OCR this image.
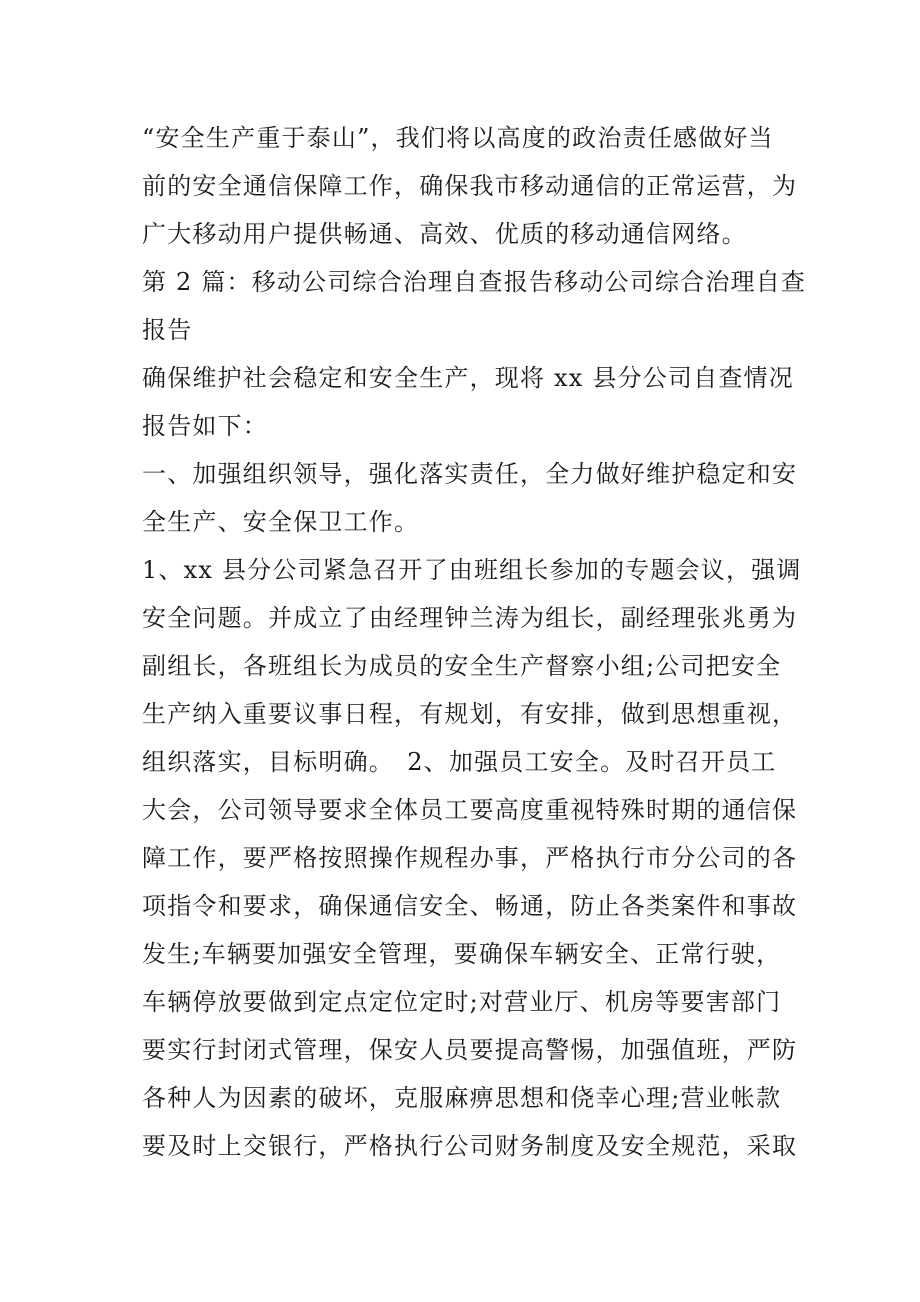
“安全生产重于泰山”，我们将以高度的政治责任感做好当
前的安全通信保障工作，确保我市移动通信的正常运营，为
广大移动用户提供畅通、高效、优质的移动通信网络。
第 2 篇：移动公司综合治理自查报告移动公司综合治理自查
报告
确保维护社会稳定和安全生产，现将 xx 县分公司自查情况
报告如下：
一、加强组织领导，强化落实责任，全力做好维护稳定和安
全生产、安全保卫工作。
1、xx 县分公司紧急召开了由班组长参加的专题会议，强调
安全问题。并成立了由经理钟兰涛为组长，副经理张兆勇为
副组长，各班组长为成员的安全生产督察小组;公司把安全
生产纳入重要议事日程，有规划，有安排，做到思想重视，
组织落实，目标明确。　2、加强员工安全。及时召开员工
大会，公司领导要求全体员工要高度重视特殊时期的通信保
障工作，要严格按照操作规程办事，严格执行市分公司的各
项指令和要求，确保通信安全、畅通，防止各类案件和事故
发生;车辆要加强安全管理，要确保车辆安全、正常行驶，
车辆停放要做到定点定位定时;对营业厅、机房等要害部门
要实行封闭式管理，保安人员要提高警惕，加强值班，严防
各种人为因素的破坏，克服麻痹思想和侥幸心理;营业帐款
要及时上交银行，严格执行公司财务制度及安全规范，采取
